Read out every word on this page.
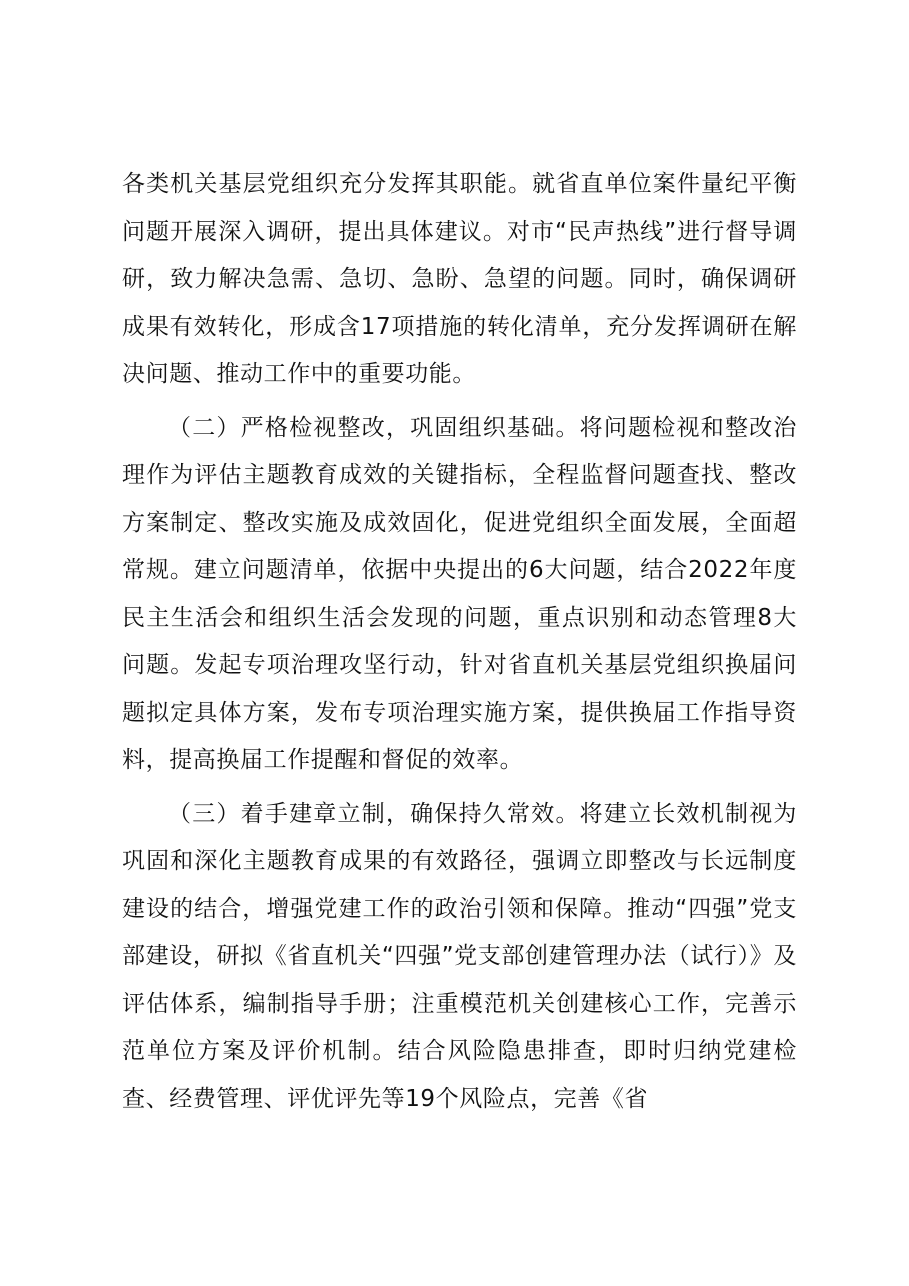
各类机关基层党组织充分发挥其职能。就省直单位案件量纪平衡问题开展深入调研，提出具体建议。对市“民声热线”进行督导调研，致力解决急需、急切、急盼、急望的问题。同时，确保调研成果有效转化，形成含17项措施的转化清单，充分发挥调研在解决问题、推动工作中的重要功能。

（二）严格检视整改，巩固组织基础。将问题检视和整改治理作为评估主题教育成效的关键指标，全程监督问题查找、整改方案制定、整改实施及成效固化，促进党组织全面发展，全面超常规。建立问题清单，依据中央提出的6大问题，结合2022年度民主生活会和组织生活会发现的问题，重点识别和动态管理8大问题。发起专项治理攻坚行动，针对省直机关基层党组织换届问题拟定具体方案，发布专项治理实施方案，提供换届工作指导资料，提高换届工作提醒和督促的效率。

（三）着手建章立制，确保持久常效。将建立长效机制视为巩固和深化主题教育成果的有效路径，强调立即整改与长远制度建设的结合，增强党建工作的政治引领和保障。推动“四强”党支部建设，研拟《省直机关“四强”党支部创建管理办法（试行）》及评估体系，编制指导手册；注重模范机关创建核心工作，完善示范单位方案及评价机制。结合风险隐患排查，即时归纳党建检查、经费管理、评优评先等19个风险点，完善《省
